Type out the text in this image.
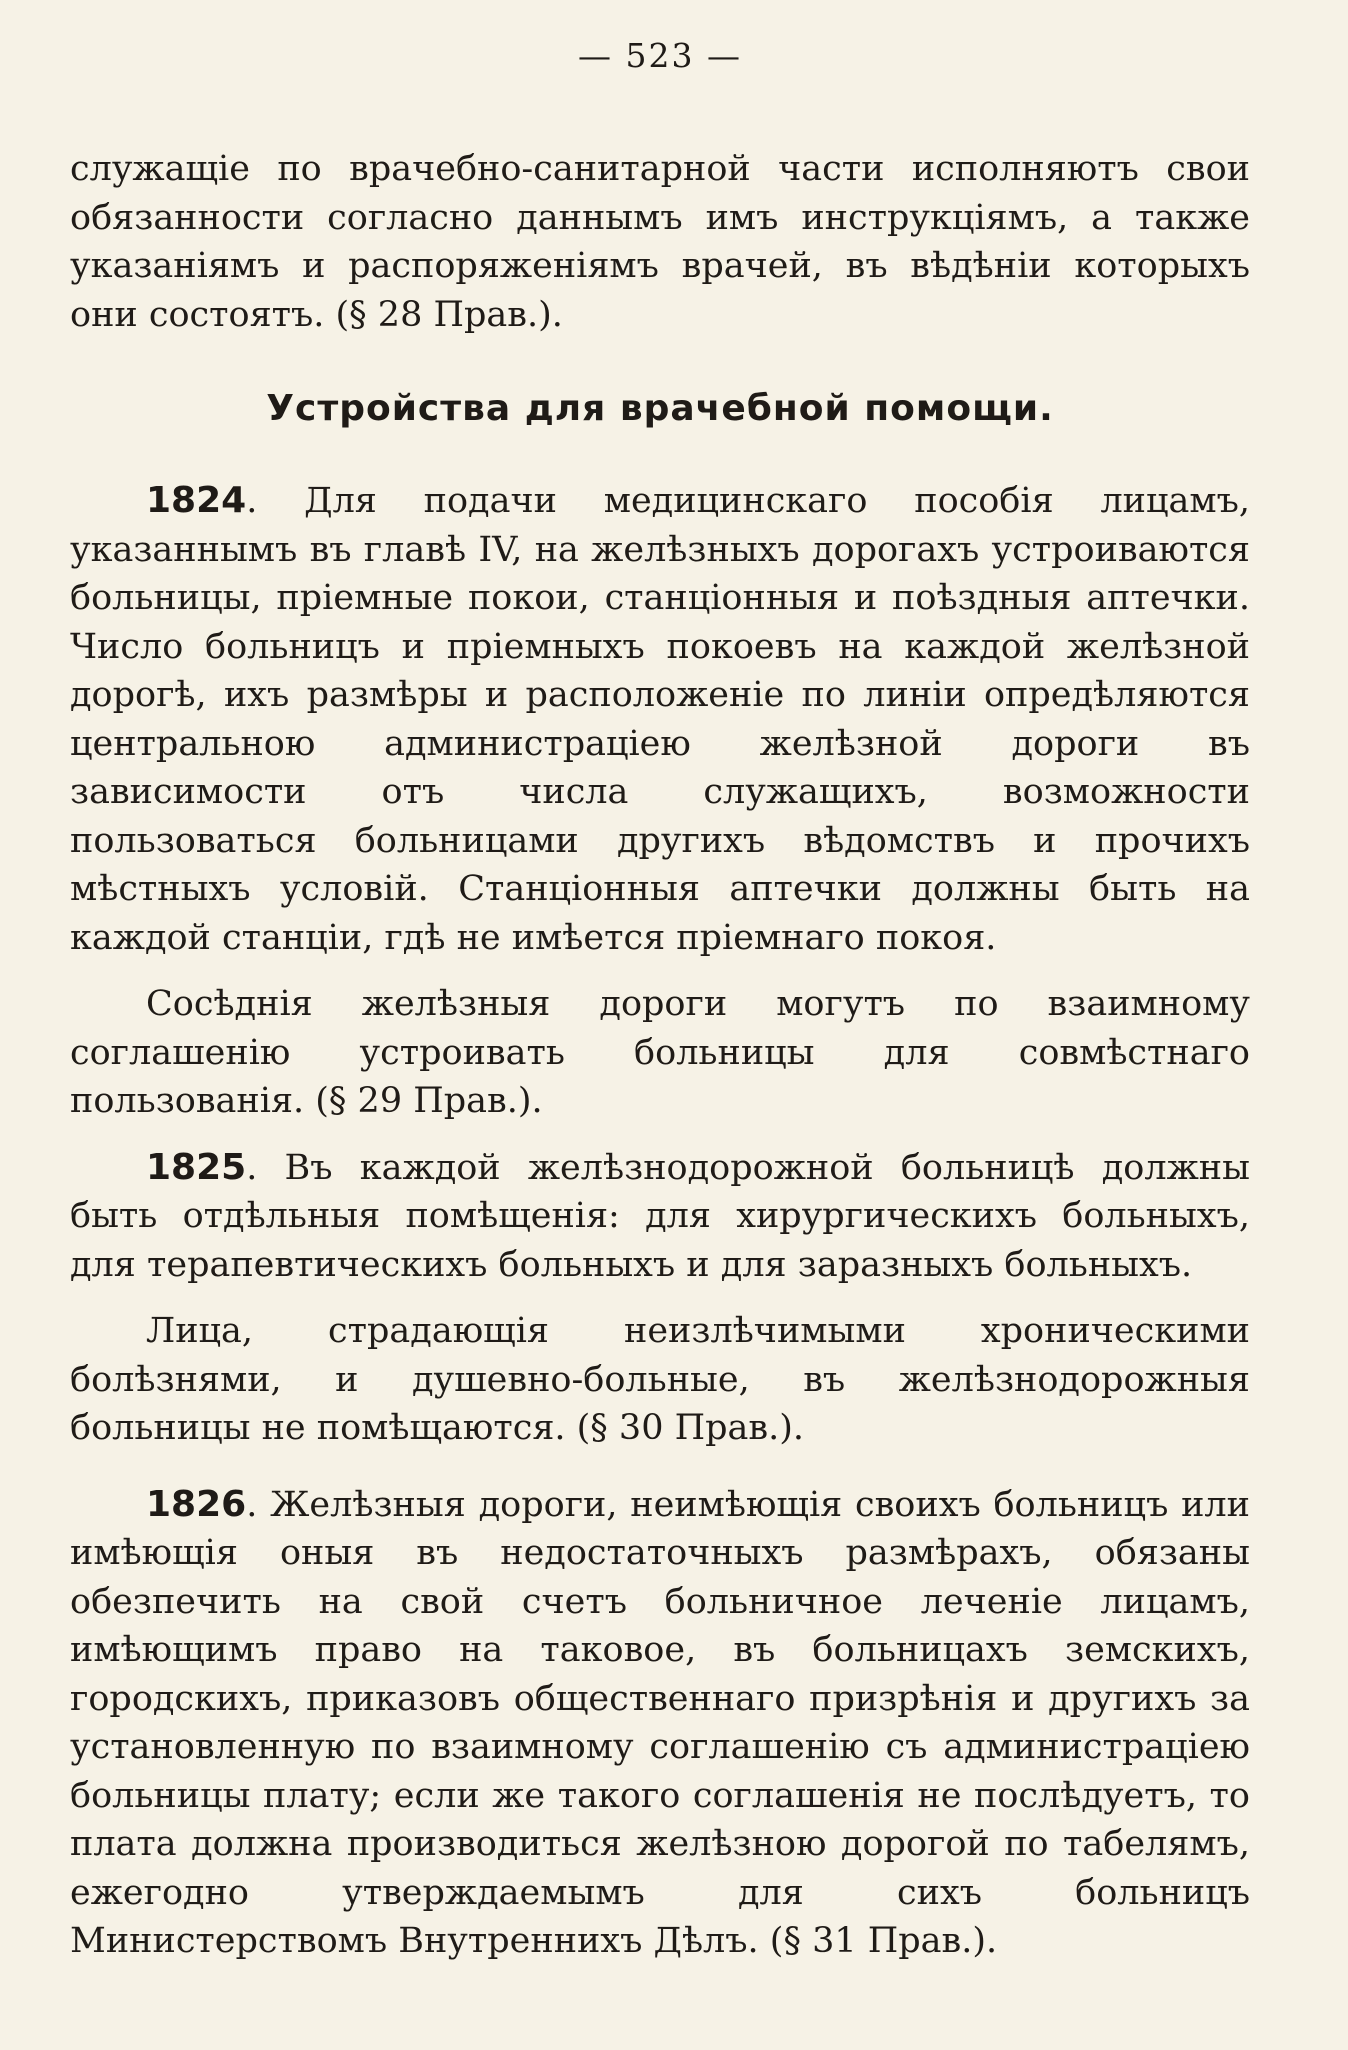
— 523 —

служащіе по врачебно-санитарной части исполняютъ свои обязанности согласно даннымъ имъ инструкціямъ, а также указаніямъ и распоряженіямъ врачей, въ вѣдѣніи которыхъ они состоятъ. (§ 28 Прав.).

Устройства для врачебной помощи.

1824. Для подачи медицинскаго пособія лицамъ, указаннымъ въ главѣ IV, на желѣзныхъ дорогахъ устроиваются больницы, пріемные покои, станціонныя и поѣздныя аптечки. Число больницъ и пріемныхъ покоевъ на каждой желѣзной дорогѣ, ихъ размѣры и расположеніе по линіи опредѣляются центральною администраціею желѣзной дороги въ зависимости отъ числа служащихъ, возможности пользоваться больницами другихъ вѣдомствъ и прочихъ мѣстныхъ условій. Станціонныя аптечки должны быть на каждой станціи, гдѣ не имѣется пріемнаго покоя.

Сосѣднія желѣзныя дороги могутъ по взаимному соглашенію устроивать больницы для совмѣстнаго пользованія. (§ 29 Прав.).

1825. Въ каждой желѣзнодорожной больницѣ должны быть отдѣльныя помѣщенія: для хирургическихъ больныхъ, для терапевтическихъ больныхъ и для заразныхъ больныхъ.

Лица, страдающія неизлѣчимыми хроническими болѣзнями, и душевно-больные, въ желѣзнодорожныя больницы не помѣщаются. (§ 30 Прав.).

1826. Желѣзныя дороги, неимѣющія своихъ больницъ или имѣющія оныя въ недостаточныхъ размѣрахъ, обязаны обезпечить на свой счетъ больничное леченіе лицамъ, имѣющимъ право на таковое, въ больницахъ земскихъ, городскихъ, приказовъ общественнаго призрѣнія и другихъ за установленную по взаимному соглашенію съ администраціею больницы плату; если же такого соглашенія не послѣдуетъ, то плата должна производиться желѣзною дорогой по табелямъ, ежегодно утверждаемымъ для сихъ больницъ Министерствомъ Внутреннихъ Дѣлъ. (§ 31 Прав.).
